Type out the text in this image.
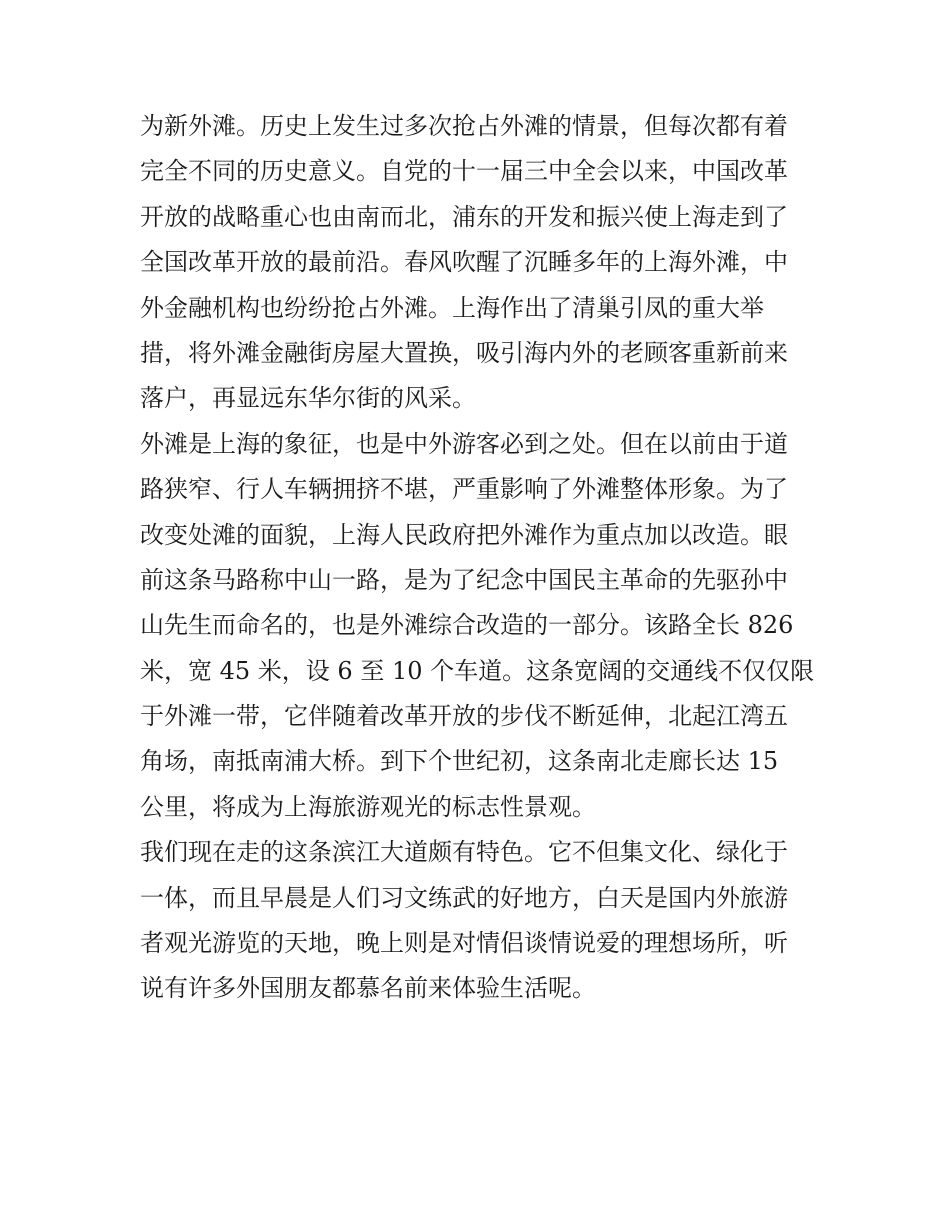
为新外滩。历史上发生过多次抢占外滩的情景，但每次都有着
完全不同的历史意义。自党的十一届三中全会以来，中国改革
开放的战略重心也由南而北，浦东的开发和振兴使上海走到了
全国改革开放的最前沿。春风吹醒了沉睡多年的上海外滩，中
外金融机构也纷纷抢占外滩。上海作出了清巢引凤的重大举
措，将外滩金融街房屋大置换，吸引海内外的老顾客重新前来
落户，再显远东华尔街的风采。
外滩是上海的象征，也是中外游客必到之处。但在以前由于道
路狭窄、行人车辆拥挤不堪，严重影响了外滩整体形象。为了
改变处滩的面貌，上海人民政府把外滩作为重点加以改造。眼
前这条马路称中山一路，是为了纪念中国民主革命的先驱孙中
山先生而命名的，也是外滩综合改造的一部分。该路全长 826
米，宽 45 米，设 6 至 10 个车道。这条宽阔的交通线不仅仅限
于外滩一带，它伴随着改革开放的步伐不断延伸，北起江湾五
角场，南抵南浦大桥。到下个世纪初，这条南北走廊长达 15
公里，将成为上海旅游观光的标志性景观。
我们现在走的这条滨江大道颇有特色。它不但集文化、绿化于
一体，而且早晨是人们习文练武的好地方，白天是国内外旅游
者观光游览的天地，晚上则是对情侣谈情说爱的理想场所，听
说有许多外国朋友都慕名前来体验生活呢。
